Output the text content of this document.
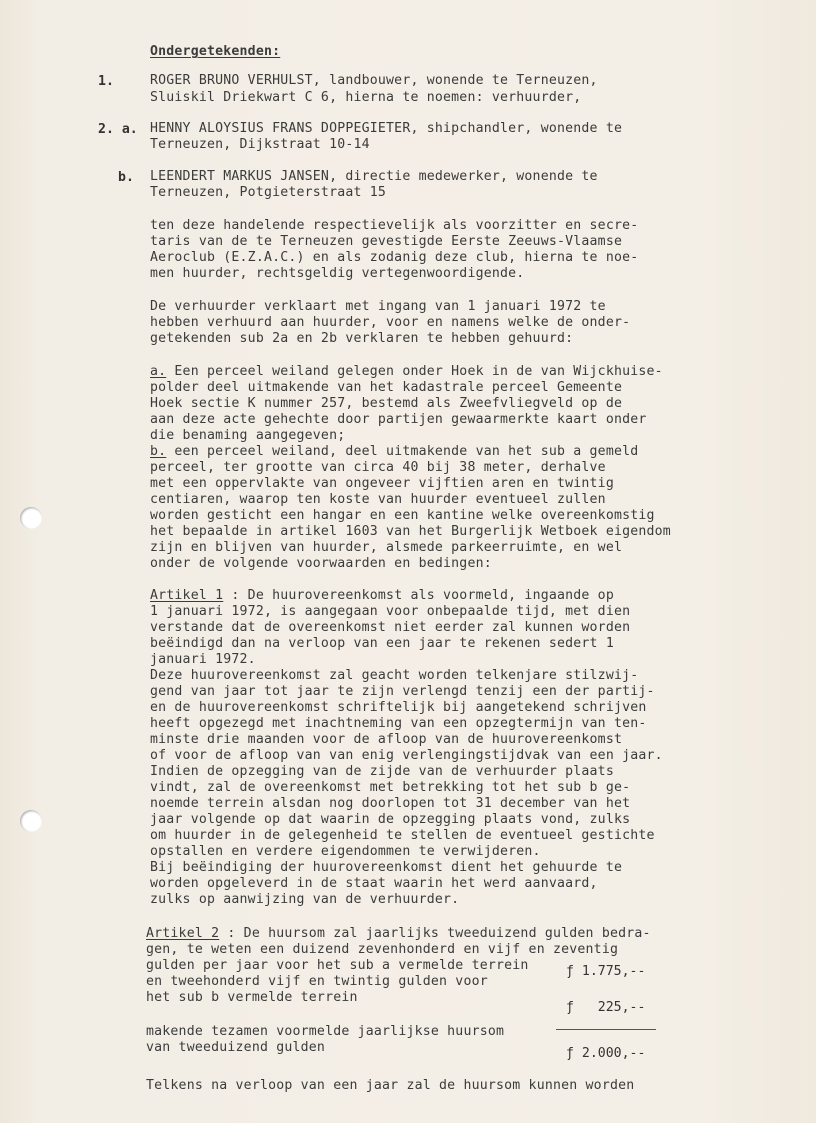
Ondergetekenden:
1.	ROGER BRUNO VERHULST, landbouwer, wonende te Terneuzen,
Sluiskil Driekwart C 6, hierna te noemen: verhuurder,
2. a. HENNY ALOYSIUS FRANS DOPPEGIETER, shipchandler, wonende te
Terneuzen, Dijkstraat 10-14
b. LEENDERT MARKUS JANSEN, directie medewerker, wonende te
Terneuzen, Potgieterstraat 15
ten deze handelende respectievelijk als voorzitter en secre-
taris van de te Terneuzen gevestigde Eerste Zeeuws-Vlaamse
Aeroclub (E.Z.A.C.) en als zodanig deze club, hierna te noe-
men huurder, rechtsgeldig vertegenwoordigende.
De verhuurder verklaart met ingang van 1 januari 1972 te
hebben verhuurd aan huurder, voor en namens welke de onder-
getekenden sub 2a en 2b verklaren te hebben gehuurd:
a. Een perceel weiland gelegen onder Hoek in de van Wijckhuise-
polder deel uitmakende van het kadastrale perceel Gemeente
Hoek sectie K nummer 257, bestemd als Zweefvliegveld op de
aan deze acte gehechte door partijen gewaarmerkte kaart onder
die benaming aangegeven;
b. een perceel weiland, deel uitmakende van het sub a gemeld
perceel, ter grootte van circa 40 bij 38 meter, derhalve
met een oppervlakte van ongeveer vijftien aren en twintig
centiaren, waarop ten koste van huurder eventueel zullen
worden gesticht een hangar en een kantine welke overeenkomstig
het bepaalde in artikel 1603 van het Burgerlijk Wetboek eigendom
zijn en blijven van huurder, alsmede parkeerruimte, en wel
onder de volgende voorwaarden en bedingen:
Artikel 1 : De huurovereenkomst als voormeld, ingaande op
1 januari 1972, is aangegaan voor onbepaalde tijd, met dien
verstande dat de overeenkomst niet eerder zal kunnen worden
beëindigd dan na verloop van een jaar te rekenen sedert 1
januari 1972.
Deze huurovereenkomst zal geacht worden telkenjare stilzwij-
gend van jaar tot jaar te zijn verlengd tenzij een der partij-
en de huurovereenkomst schriftelijk bij aangetekend schrijven
heeft opgezegd met inachtneming van een opzegtermijn van ten-
minste drie maanden voor de afloop van de huurovereenkomst
of voor de afloop van van enig verlengingstijdvak van een jaar.
Indien de opzegging van de zijde van de verhuurder plaats
vindt, zal de overeenkomst met betrekking tot het sub b ge-
noemde terrein alsdan nog doorlopen tot 31 december van het
jaar volgende op dat waarin de opzegging plaats vond, zulks
om huurder in de gelegenheid te stellen de eventueel gestichte
opstallen en verdere eigendommen te verwijderen.
Bij beëindiging der huurovereenkomst dient het gehuurde te
worden opgeleverd in de staat waarin het werd aanvaard,
zulks op aanwijzing van de verhuurder.
Artikel 2 : De huursom zal jaarlijks tweeduizend gulden bedra-
gen, te weten een duizend zevenhonderd en vijf en zeventig
gulden per jaar voor het sub a vermelde terrein
en tweehonderd vijf en twintig gulden voor
het sub b vermelde terrein
ƒ 1.775,--
ƒ   225,--
makende tezamen voormelde jaarlijkse huursom
van tweeduizend gulden	ƒ 2.000,--
Telkens na verloop van een jaar zal de huursom kunnen worden
